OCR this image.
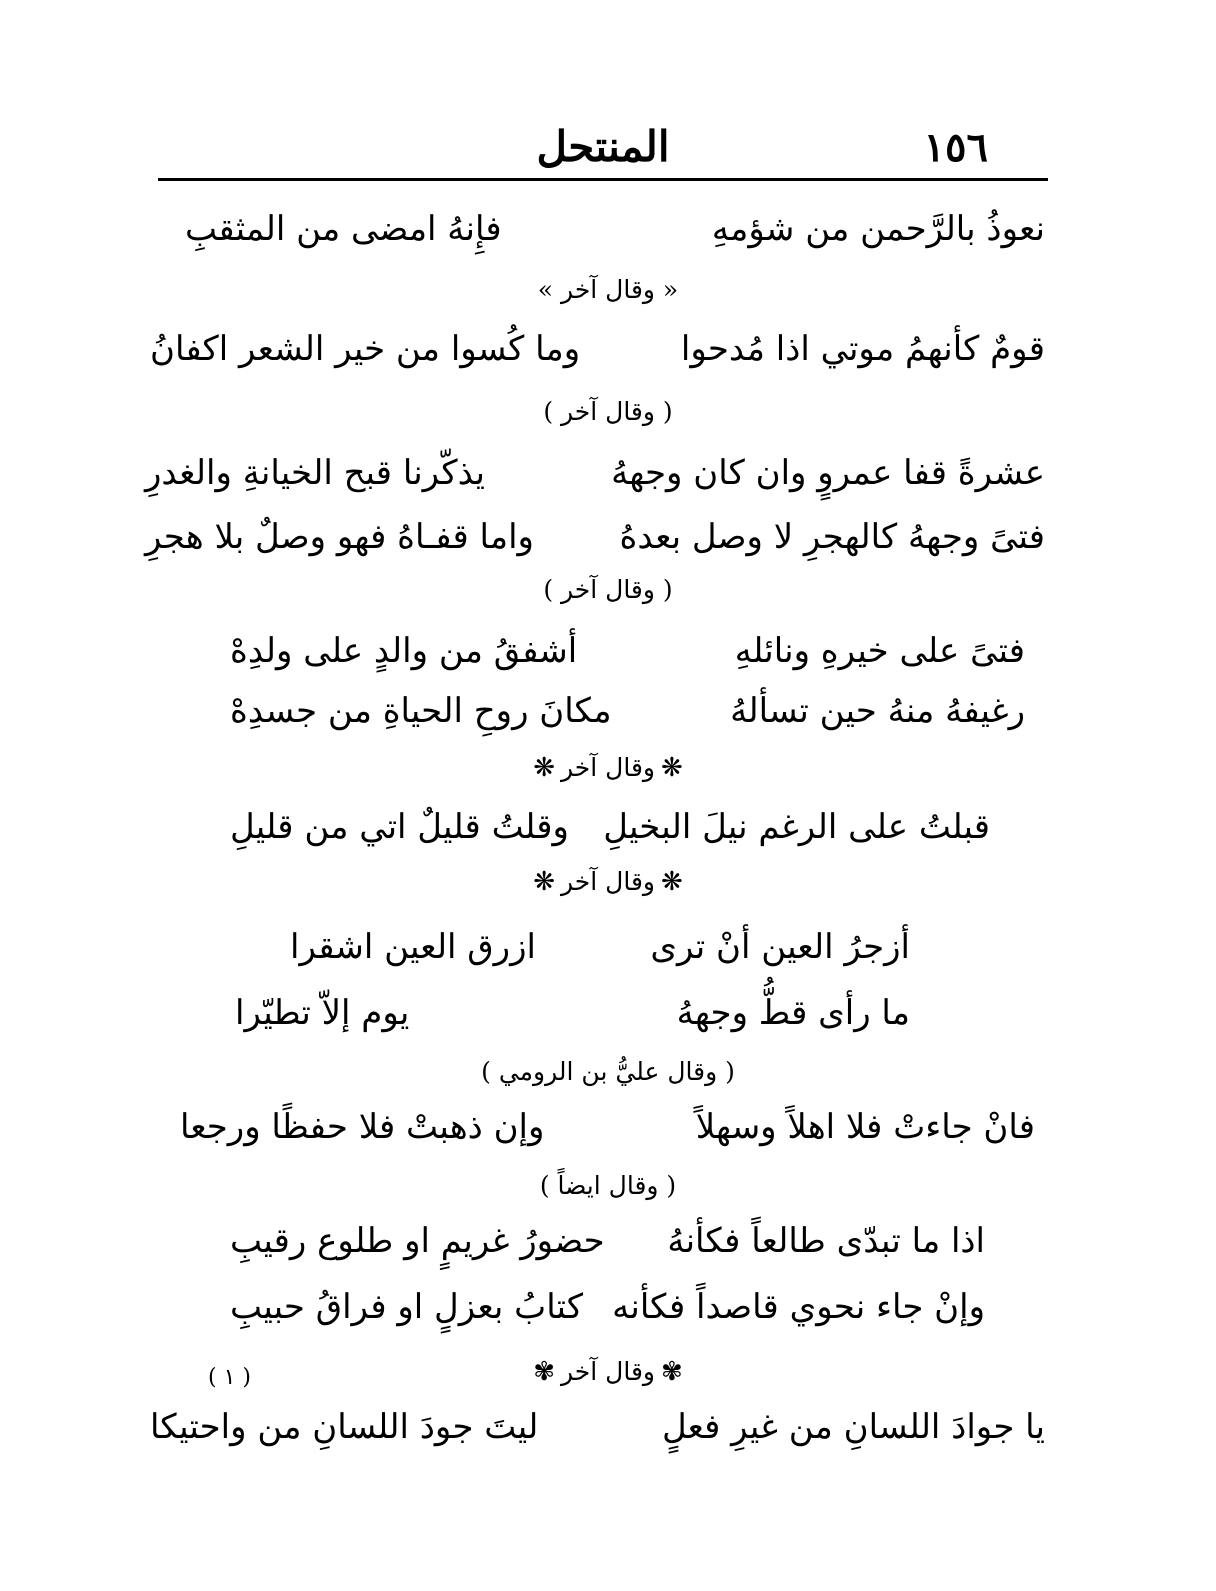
١٥٦
المنتحل
نعوذُ بالرَّحمن من شؤمهِ
فإِنهُ امضى من المثقبِ
« وقال آخر »
قومٌ كأنهمُ موتي اذا مُدحوا
وما كُسوا من خير الشعر اكفانُ
( وقال آخر )
عشرةً قفا عمروٍ وان كان وجههُ
يذكّرنا قبح الخيانةِ والغدرِ
فتىً وجههُ كالهجرِ لا وصل بعدهُ
واما قفـاهُ فهو وصلٌ بلا هجرِ
( وقال آخر )
فتىً على خيرهِ ونائلهِ
أشفقُ من والدٍ على ولدِهْ
رغيفهُ منهُ حين تسألهُ
مكانَ روحِ الحياةِ من جسدِهْ
❋وقال آخر❋
قبلتُ على الرغم نيلَ البخيلِ
وقلتُ قليلٌ اتي من قليلِ
❋وقال آخر❋
أزجرُ العين أنْ ترى
ازرق العين اشقرا
ما رأى قطُّ وجههُ
يوم إلاّ تطيّرا
( وقال عليُّ بن الرومي )
فانْ جاءتْ فلا اهلاً وسهلاً
وإن ذهبتْ فلا حفظًا ورجعا
( وقال ايضاً )
اذا ما تبدّى طالعاً فكأنهُ
حضورُ غريمٍ او طلوع رقيبِ
وإنْ جاء نحوي قاصداً فكأنه
كتابُ بعزلٍ او فراقُ حبيبِ
✾وقال آخر✾
( ١ )
يا جوادَ اللسانِ من غيرِ فعلٍ
ليتَ جودَ اللسانِ من واحتيكا
